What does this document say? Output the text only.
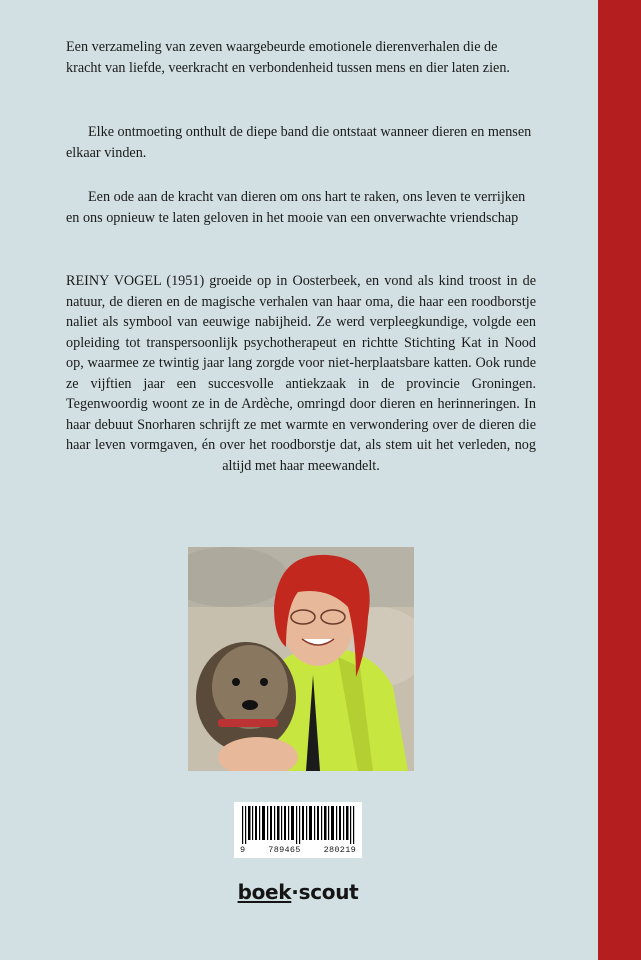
Een verzameling van zeven waargebeurde emotionele dierenverhalen die de kracht van liefde, veerkracht en verbondenheid tussen mens en dier laten zien.

Elke ontmoeting onthult de diepe band die ontstaat wanneer dieren en mensen elkaar vinden.

Een ode aan de kracht van dieren om ons hart te raken, ons leven te verrijken en ons opnieuw te laten geloven in het mooie van een onverwachte vriendschap

REINY VOGEL (1951) groeide op in Oosterbeek, en vond als kind troost in de natuur, de dieren en de magische verhalen van haar oma, die haar een roodborstje naliet als symbool van eeuwige nabijheid. Ze werd verpleegkundige, volgde een opleiding tot transpersoonlijk psychotherapeut en richtte Stichting Kat in Nood op, waarmee ze twintig jaar lang zorgde voor niet-herplaatsbare katten. Ook runde ze vijftien jaar een succesvolle antiekzaak in de provincie Groningen. Tegenwoordig woont ze in de Ardèche, omringd door dieren en herinneringen. In haar debuut Snorharen schrijft ze met warmte en verwondering over de dieren die haar leven vormgaven, én over het roodborstje dat, als stem uit het verleden, nog altijd met haar meewandelt.

9	789465	280219
boek·scout
